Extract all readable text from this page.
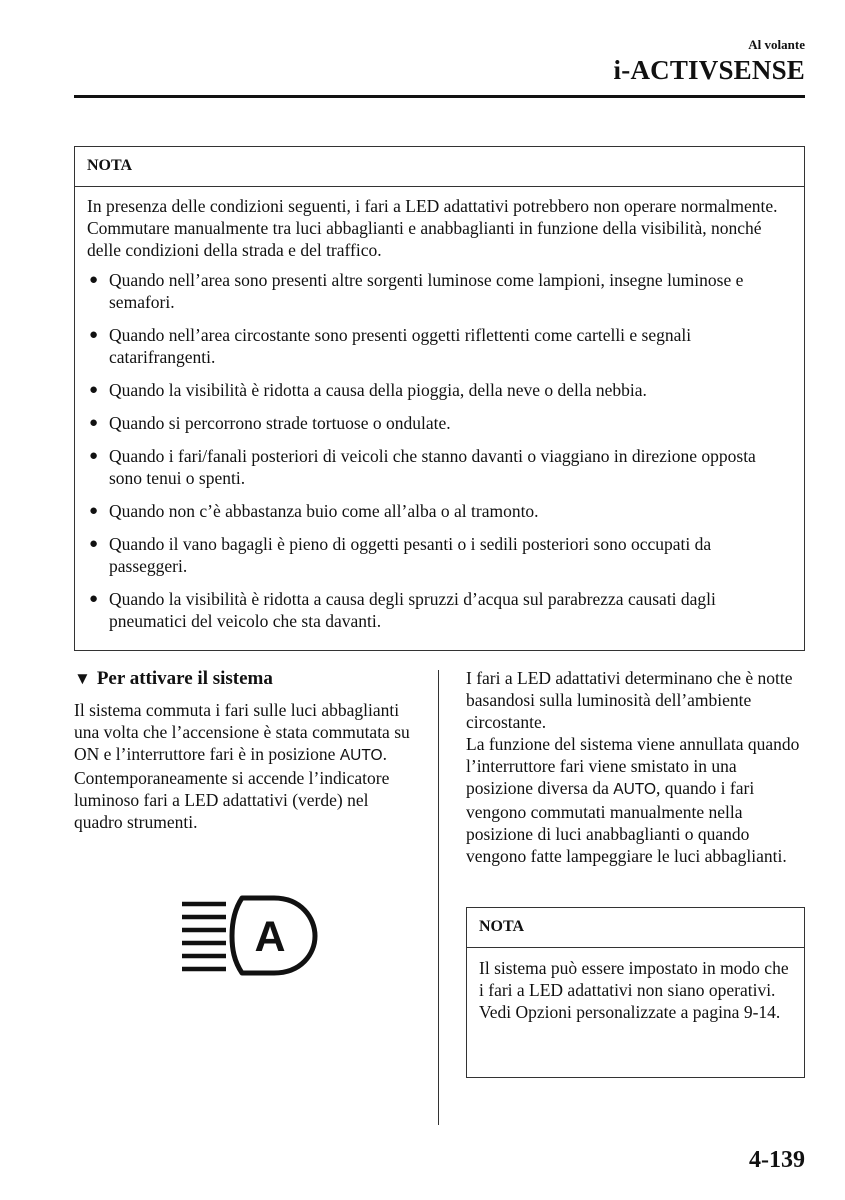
Al volante
i-ACTIVSENSE
NOTA

In presenza delle condizioni seguenti, i fari a LED adattativi potrebbero non operare normalmente. Commutare manualmente tra luci abbaglianti e anabbaglianti in funzione della visibilità, nonché delle condizioni della strada e del traffico.

● Quando nell’area sono presenti altre sorgenti luminose come lampioni, insegne luminose e semafori.
● Quando nell’area circostante sono presenti oggetti riflettenti come cartelli e segnali catarifrangenti.
● Quando la visibilità è ridotta a causa della pioggia, della neve o della nebbia.
● Quando si percorrono strade tortuose o ondulate.
● Quando i fari/fanali posteriori di veicoli che stanno davanti o viaggiano in direzione opposta sono tenui o spenti.
● Quando non c’è abbastanza buio come all’alba o al tramonto.
● Quando il vano bagagli è pieno di oggetti pesanti o i sedili posteriori sono occupati da passeggeri.
● Quando la visibilità è ridotta a causa degli spruzzi d’acqua sul parabrezza causati dagli pneumatici del veicolo che sta davanti.
▼ Per attivare il sistema

Il sistema commuta i fari sulle luci abbaglianti una volta che l’accensione è stata commutata su ON e l’interruttore fari è in posizione AUTO. Contemporaneamente si accende l’indicatore luminoso fari a LED adattativi (verde) nel quadro strumenti.

A

I fari a LED adattativi determinano che è notte basandosi sulla luminosità dell’ambiente circostante.

La funzione del sistema viene annullata quando l’interruttore fari viene smistato in una posizione diversa da AUTO, quando i fari vengono commutati manualmente nella posizione di luci anabbaglianti o quando vengono fatte lampeggiare le luci abbaglianti.

NOTA

Il sistema può essere impostato in modo che i fari a LED adattativi non siano operativi.

Vedi Opzioni personalizzate a pagina 9-14.

4-139
